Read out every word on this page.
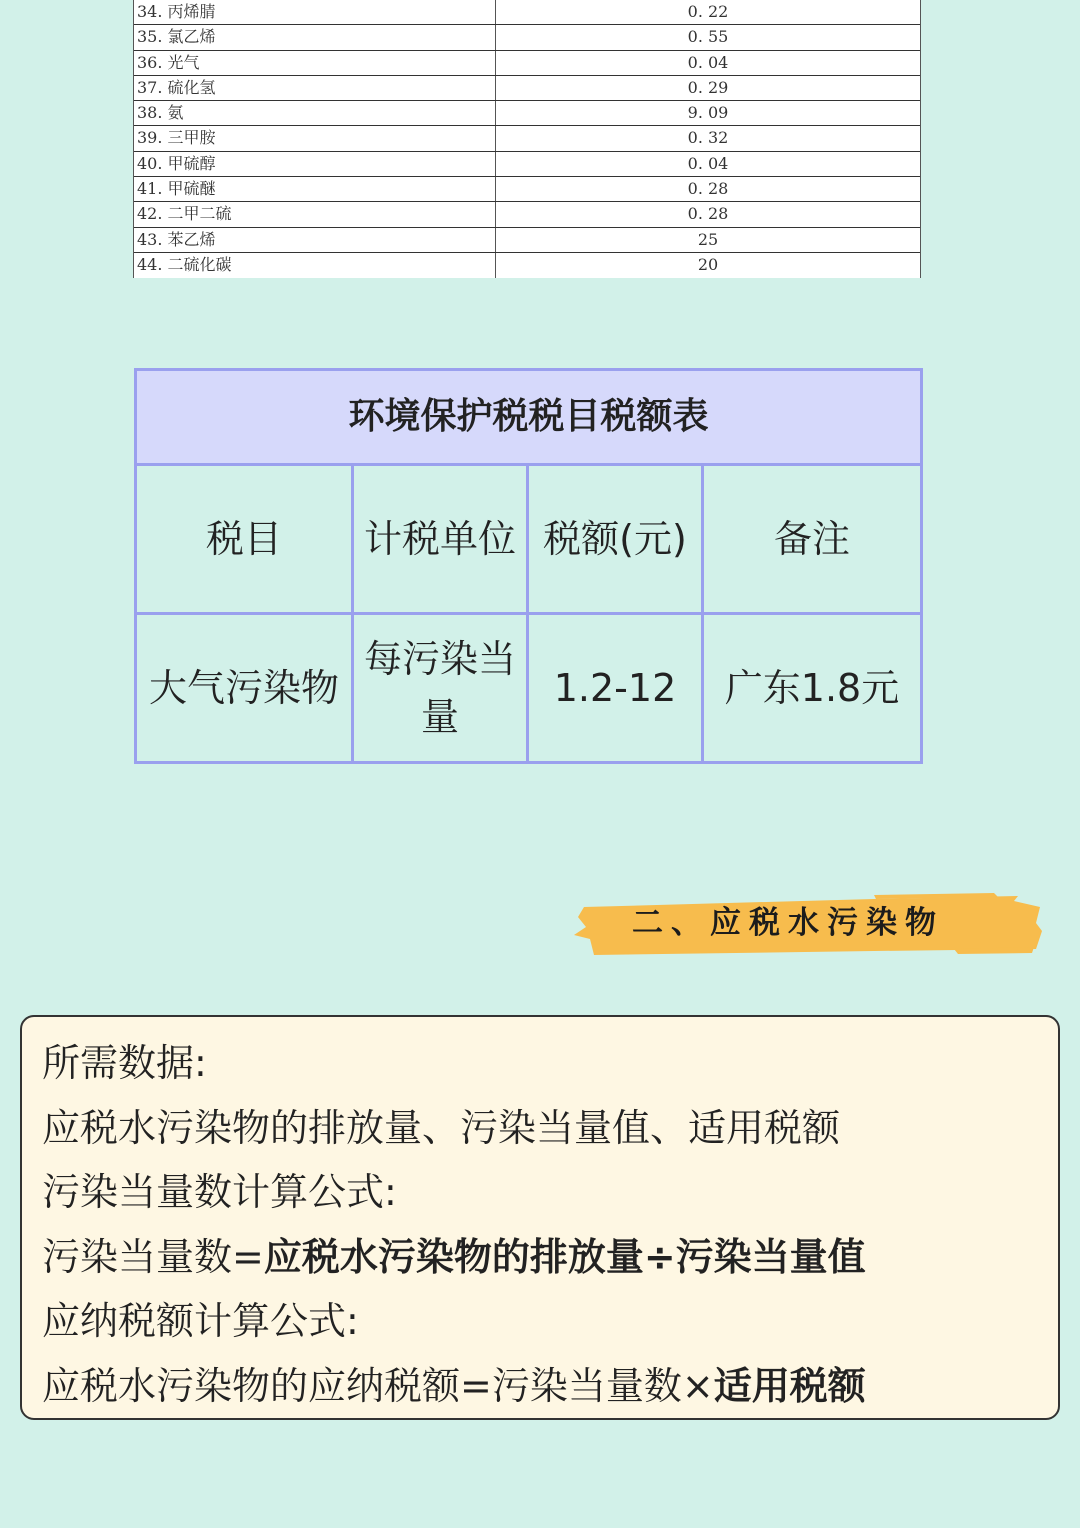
34. 丙烯腈	0. 22
35. 氯乙烯	0. 55
36. 光气	0. 04
37. 硫化氢	0. 29
38. 氨	9. 09
39. 三甲胺	0. 32
40. 甲硫醇	0. 04
41. 甲硫醚	0. 28
42. 二甲二硫	0. 28
43. 苯乙烯	25
44. 二硫化碳	20
环境保护税税目税额表			
税目	计税单位	税额(元)	备注
大气污染物	每污染当量	1.2-12	广东1.8元
二、应税水污染物
所需数据:
应税水污染物的排放量、污染当量值、适用税额
污染当量数计算公式:
污染当量数=应税水污染物的排放量÷污染当量值
应纳税额计算公式:
应税水污染物的应纳税额=污染当量数×适用税额
